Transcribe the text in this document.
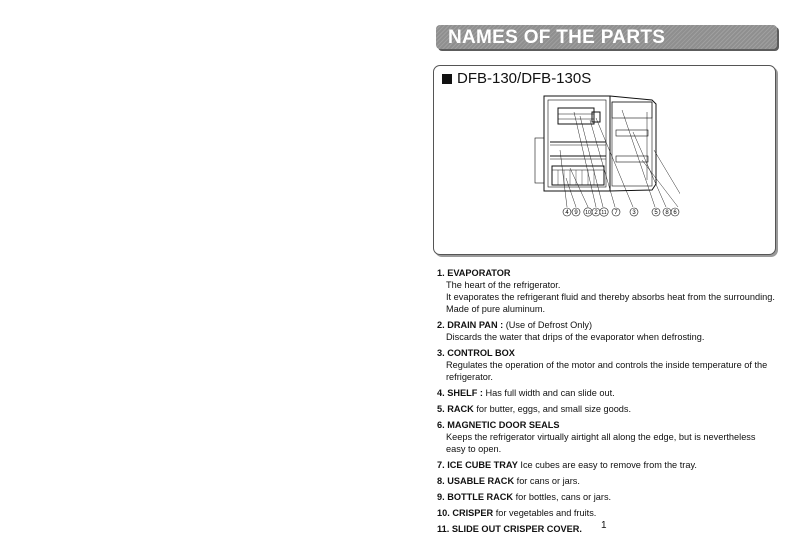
NAMES OF THE PARTS
DFB-130/DFB-130S
4 9 10 2 11 7 3	5 8 6
1. EVAPORATOR
The heart of the refrigerator.
It evaporates the refrigerant fluid and thereby absorbs heat from the surrounding. Made of pure aluminum.
2. DRAIN PAN : (Use of Defrost Only)
Discards the water that drips of the evaporator when defrosting.
3. CONTROL BOX
Regulates the operation of the motor and controls the inside temperature of the refrigerator.
4. SHELF : Has full width and can slide out.
5. RACK for butter, eggs, and small size goods.
6. MAGNETIC DOOR SEALS
Keeps the refrigerator virtually airtight all along the edge, but is nevertheless easy to open.
7. ICE CUBE TRAY Ice cubes are easy to remove from the tray.
8. USABLE RACK for cans or jars.
9. BOTTLE RACK for bottles, cans or jars.
10. CRISPER for vegetables and fruits.
11. SLIDE OUT CRISPER COVER.	1
